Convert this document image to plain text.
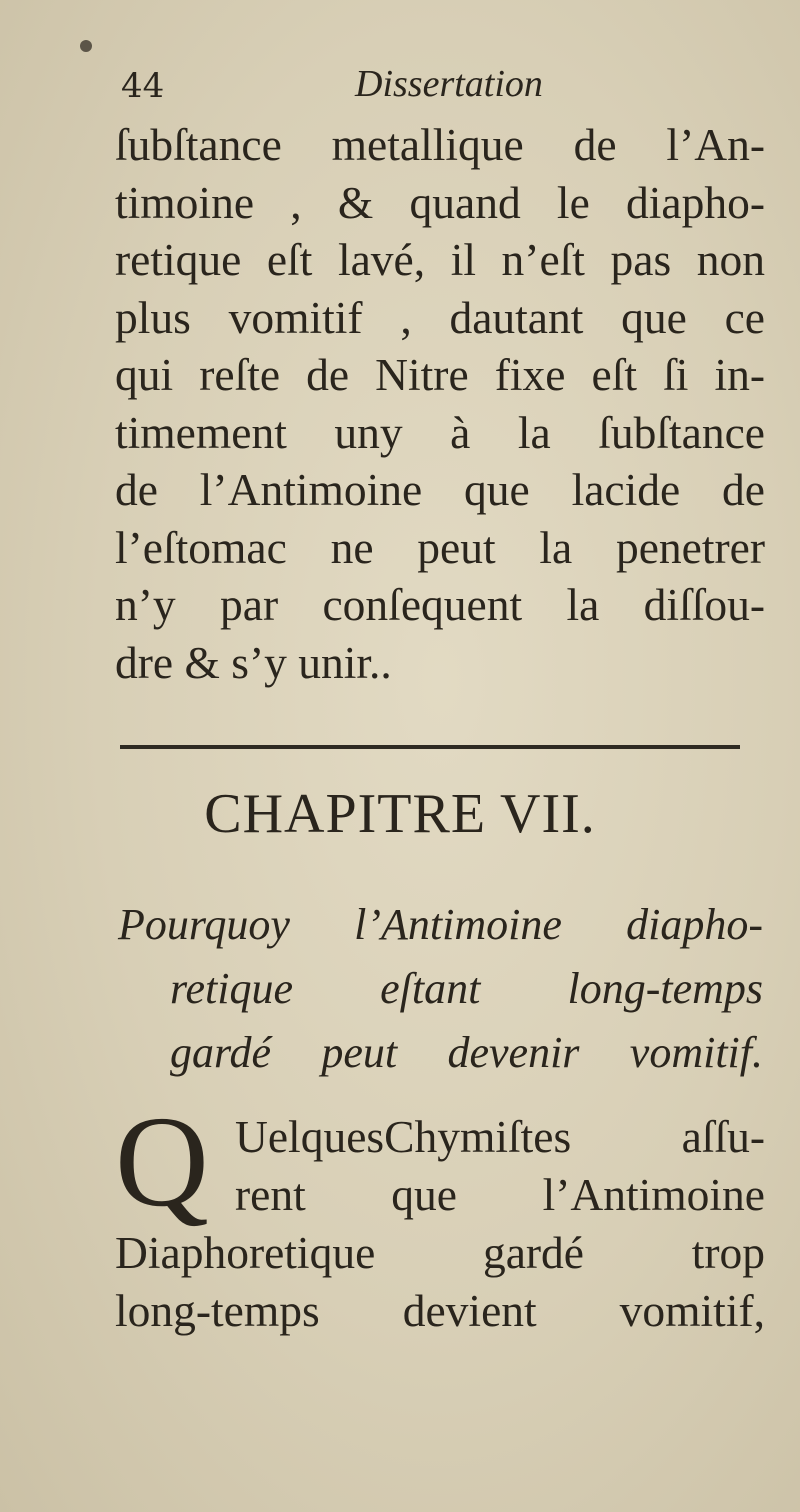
44	Dissertation
ſubſtance metallique de l’An-
timoine , & quand le diapho-
retique eſt lavé, il n’eſt pas non
plus vomitif , dautant que ce
qui reſte de Nitre fixe eſt ſi in-
timement uny à la ſubſtance
de l’Antimoine que lacide de
l’eſtomac ne peut la penetrer
n’y par conſequent la diſſou-
dre & s’y unir..
CHAPITRE VII.
Pourquoy l’Antimoine diapho-
retique eſtant long-temps
gardé peut devenir vomitif.
Q UelquesChymiſtes aſſu-
rent que l’Antimoine
Diaphoretique gardé trop
long-temps devient vomitif,
